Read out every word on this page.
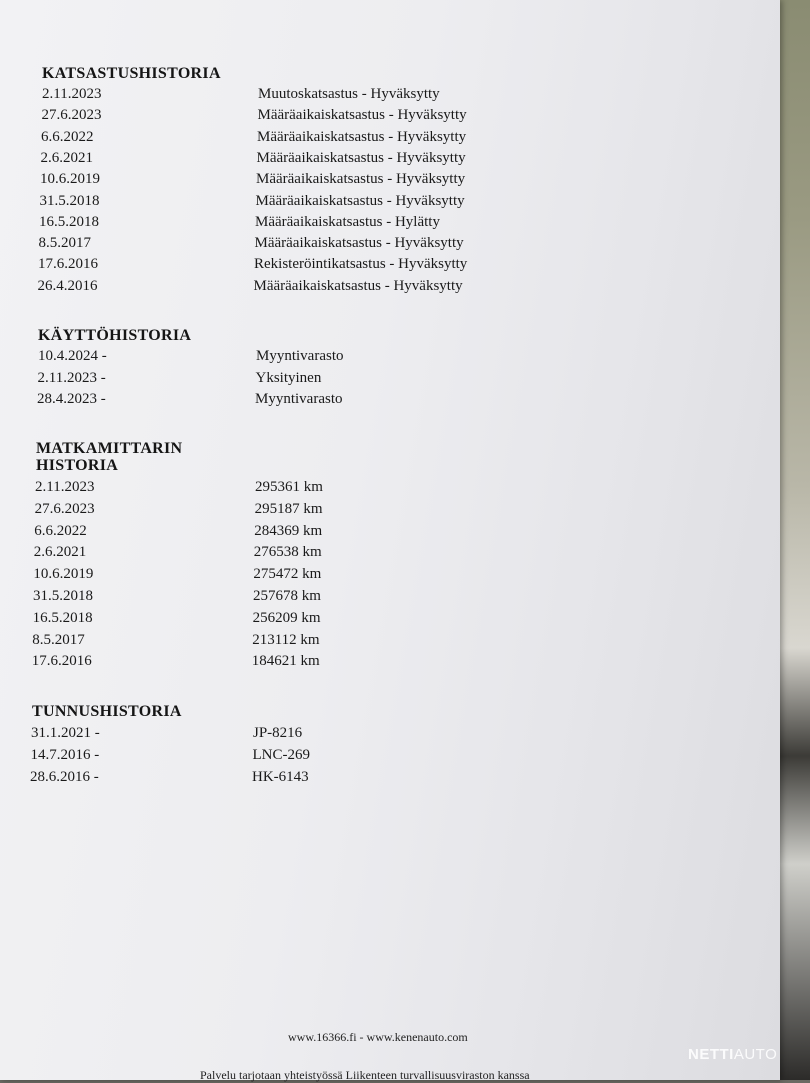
KATSASTUSHISTORIA
2.11.2023	Muutoskatsastus - Hyväksytty
27.6.2023	Määräaikaiskatsastus - Hyväksytty
6.6.2022	Määräaikaiskatsastus - Hyväksytty
2.6.2021	Määräaikaiskatsastus - Hyväksytty
10.6.2019	Määräaikaiskatsastus - Hyväksytty
31.5.2018	Määräaikaiskatsastus - Hyväksytty
16.5.2018	Määräaikaiskatsastus - Hylätty
8.5.2017	Määräaikaiskatsastus - Hyväksytty
17.6.2016	Rekisteröintikatsastus - Hyväksytty
26.4.2016	Määräaikaiskatsastus - Hyväksytty
KÄYTTÖHISTORIA
10.4.2024 -	Myyntivarasto
2.11.2023 -	Yksityinen
28.4.2023 -	Myyntivarasto
MATKAMITTARIN
HISTORIA
2.11.2023	295361 km
27.6.2023	295187 km
6.6.2022	284369 km
2.6.2021	276538 km
10.6.2019	275472 km
31.5.2018	257678 km
16.5.2018	256209 km
8.5.2017	213112 km
17.6.2016	184621 km
TUNNUSHISTORIA
31.1.2021 -	JP-8216
14.7.2016 -	LNC-269
28.6.2016 -	HK-6143
www.16366.fi - www.kenenauto.com
Palvelu tarjotaan yhteistyössä Liikenteen turvallisuusviraston kanssa
NETTIAUTO
